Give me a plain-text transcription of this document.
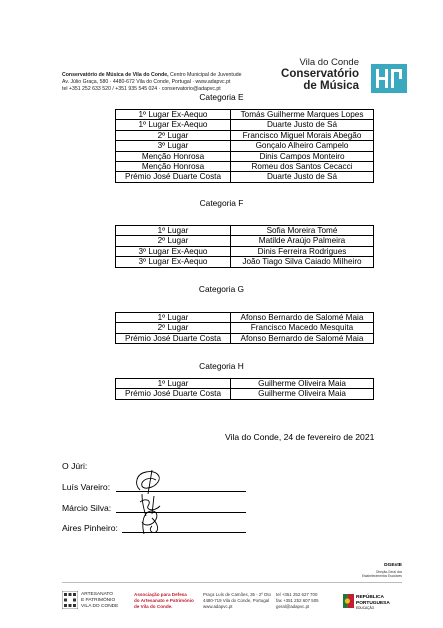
Conservatório de Música de Vila do Conde, Centro Municipal de Juventude
Av. Júlio Graça, 580 · 4480-672 Vila do Conde, Portugal · www.adapvc.pt
tel +351 252 633 520 / +351 935 545 024 · conservatorio@adapvc.pt
Vila do Conde
Conservatório
de Música
Categoria E
1º Lugar Ex-Aequo	Tomás Guilherme Marques Lopes
1º Lugar Ex-Aequo	Duarte Justo de Sá
2º Lugar	Francisco Miguel Morais Abegão
3º Lugar	Gonçalo Alheiro Campelo
Menção Honrosa	Dinis Campos Monteiro
Menção Honrosa	Romeu dos Santos Cecacci
Prémio José Duarte Costa	Duarte Justo de Sá
Categoria F
1º Lugar	Sofia Moreira Tomé
2º Lugar	Matilde Araújo Palmeira
3º Lugar Ex-Aequo	Dinis Ferreira Rodrigues
3º Lugar Ex-Aequo	João Tiago Silva Caiado Milheiro
Categoria G
1º Lugar	Afonso Bernardo de Salomé Maia
2º Lugar	Francisco Macedo Mesquita
Prémio José Duarte Costa	Afonso Bernardo de Salomé Maia
Categoria H
1º Lugar	Guilherme Oliveira Maia
Prémio José Duarte Costa	Guilherme Oliveira Maia
Vila do Conde, 24 de fevereiro de 2021
O Júri:
Luís Vareiro:
Márcio Silva:
Aires Pinheiro:
DGEstE
Direção-Geral dos
Estabelecimentos Escolares
ARTESANATO
E PATRIMÓNIO
VILA DO CONDE
Associação para Defesa
do Artesanato e Património
de Vila do Conde.
Praça Luís de Camões, 35 - 2º Dto
4480-719 Vila do Conde, Portugal
www.adapvc.pt
tel +351 252 627 700
fax +351 252 607 505
geral@adapvc.pt
REPÚBLICA
PORTUGUESA
EDUCAÇÃO
